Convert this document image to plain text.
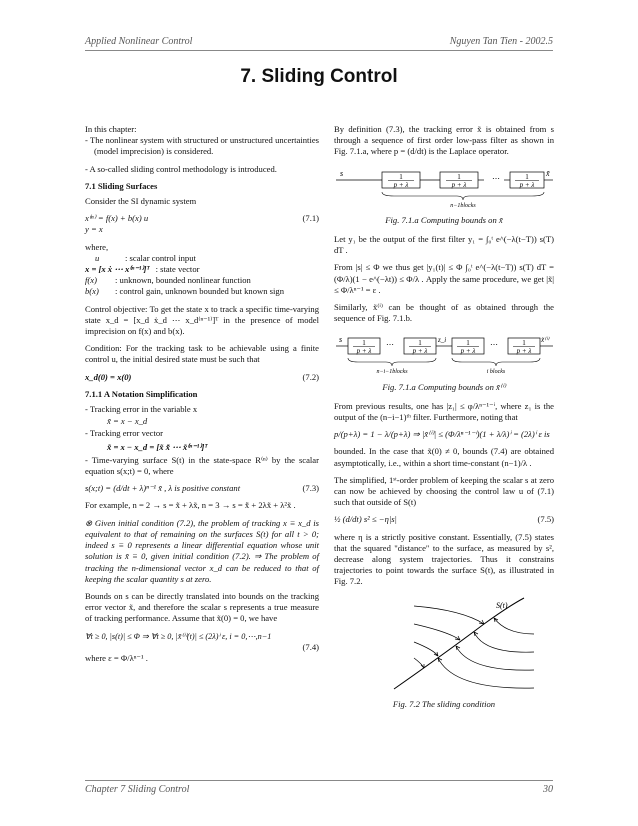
Applied Nonlinear Control	Nguyen Tan Tien - 2002.5
7. Sliding Control

In this chapter:

- The nonlinear system with structured or unstructured uncertainties (model imprecision) is considered.

- A so-called sliding control methodology is introduced.

7.1 Sliding Surfaces

Consider the SI dynamic system

x⁽ⁿ⁾ = f(x) + b(x) u	(7.1)
y = x

where,

u	: scalar control input
x = [x ẋ ⋯ x⁽ⁿ⁻¹⁾]ᵀ : state vector
f(x)	: unknown, bounded nonlinear function
b(x)	: control gain, unknown bounded but known sign

Control objective: To get the state x to track a specific time-varying state x_d = [x_d ẋ_d ⋯ x_d⁽ⁿ⁻¹⁾]ᵀ in the presence of model imprecision on f(x) and b(x).

Condition: For the tracking task to be achievable using a finite control u, the initial desired state must be such that

x_d(0) = x(0)	(7.2)
7.1.1 A Notation Simplification

- Tracking error in the variable x

x̃ = x − x_d

- Tracking error vector

x̃ = x − x_d = [x̃ x̃̇ ⋯ x̃⁽ⁿ⁻¹⁾]ᵀ

- Time-varying surface S(t) in the state-space R⁽ⁿ⁾ by the scalar equation s(x;t) = 0, where

s(x;t) = (d/dt + λ)ⁿ⁻¹ x̃ , λ is positive constant	(7.3)

For example, n = 2 → s = x̃̇ + λx̃, n = 3 → s = x̃̈ + 2λx̃̇ + λ²x̃ .

⊗ Given initial condition (7.2), the problem of tracking x ≡ x_d is equivalent to that of remaining on the surfaces S(t) for all t > 0; indeed s ≡ 0 represents a linear differential equation whose unit solution is x̃ ≡ 0, given initial condition (7.2). ⇒ The problem of tracking the n-dimensional vector x_d can be reduced to that of keeping the scalar quantity s at zero.

Bounds on s can be directly translated into bounds on the tracking error vector x̃, and therefore the scalar s represents a true measure of tracking performance. Assume that x̃(0) = 0, we have

∀t ≥ 0, |s(t)| ≤ Φ ⇒ ∀t ≥ 0, |x̃⁽ⁱ⁾(t)| ≤ (2λ)ⁱ ε, i = 0,⋯,n−1
(7.4)

where ε = Φ/λⁿ⁻¹ .

By definition (7.3), the tracking error x̃ is obtained from s through a sequence of first order low-pass filter as shown in Fig. 7.1.a, where p = (d/dt) is the Laplace operator.

s	1
p + λ
1
p + λ
⋯	1
p + λ
x̃
n−1blocks
Fig. 7.1.a Computing bounds on x̃

Let y₁ be the output of the first filter y₁ = ∫₀ᵗ e^(−λ(t−T)) s(T) dT .

From |s| ≤ Φ we thus get |y₁(t)| ≤ Φ ∫₀ᵗ e^(−λ(t−T)) s(T) dT = (Φ/λ)(1 − e^(−λt)) ≤ Φ/λ . Apply the same procedure, we get |x̃| ≤ Φ/λⁿ⁻¹ = ε .

Similarly, x̃⁽ⁱ⁾ can be thought of as obtained through the sequence of Fig. 7.1.b.

s	1
p + λ
⋯	1
p + λ
z_i	1
p + λ
⋯	1
p + λ
x̃⁽ⁱ⁾
n−i−1blocks	i blocks
Fig. 7.1.a Computing bounds on x̃⁽ⁱ⁾

From previous results, one has |z₁| ≤ φ/λⁿ⁻¹⁻ⁱ, where z₁ is the output of the (n−i−1)ᵗʰ filter. Furthermore, noting that

p/(p+λ) = 1 − λ/(p+λ) ⇒ |x̃⁽ⁱ⁾| ≤ (Φ/λⁿ⁻¹⁻ⁱ)(1 + λ/λ)ⁱ = (2λ)ⁱ ε is

bounded. In the case that x̃(0) ≠ 0, bounds (7.4) are obtained asymptotically, i.e., within a short time-constant (n−1)/λ .

The simplified, 1ˢᵗ-order problem of keeping the scalar s at zero can now be achieved by choosing the control law u of (7.1) such that outside of S(t)

½ (d/dt) s² ≤ −η|s|	(7.5)

where η is a strictly positive constant. Essentially, (7.5) states that the squared "distance" to the surface, as measured by s², decrease along system trajectories. Thus it constrains trajectories to point towards the surface S(t), as illustrated in Fig. 7.2.

S(t)
Fig. 7.2 The sliding condition
Chapter 7 Sliding Control	30
